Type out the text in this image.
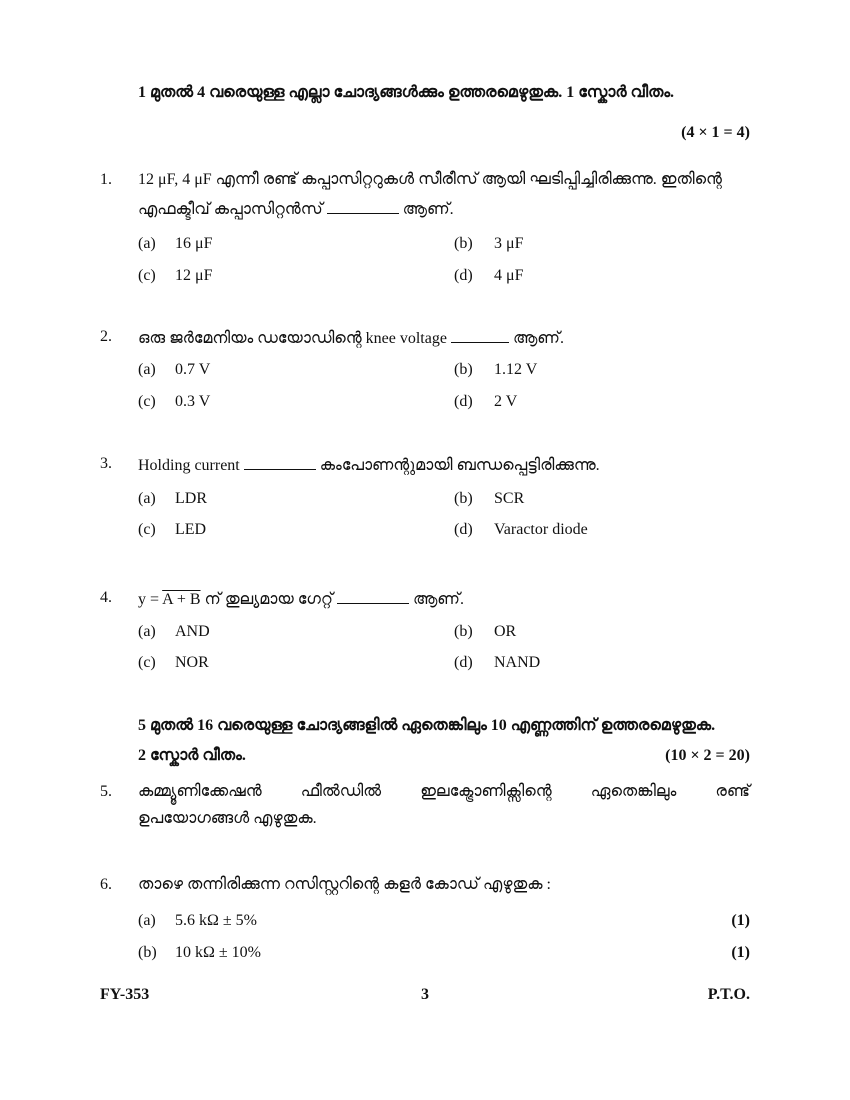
1 മുതൽ 4 വരെയുള്ള എല്ലാ ചോദ്യങ്ങൾക്കും ഉത്തരമെഴുതുക. 1 സ്കോർ വീതം.
(4 × 1 = 4)
1. 12 μF, 4 μF എന്നീ രണ്ട് കപ്പാസിറ്ററുകൾ സീരീസ് ആയി ഘടിപ്പിച്ചിരിക്കുന്നു. ഇതിന്റെ
എഫക്ടീവ് കപ്പാസിറ്റൻസ്	ആണ്.
(a) 16 μF	(b) 3 μF
(c) 12 μF	(d) 4 μF
2. ഒരു ജർമേനിയം ഡയോഡിന്റെ knee voltage	ആണ്.
(a) 0.7 V	(b) 1.12 V
(c) 0.3 V	(d) 2 V
3. Holding current	കംപോണന്റുമായി ബന്ധപ്പെട്ടിരിക്കുന്നു.
(a) LDR	(b) SCR
(c) LED	(d) Varactor diode
4. y = A + B ന് തുല്യമായ ഗേറ്റ്	ആണ്.
(a) AND	(b) OR
(c) NOR	(d) NAND
5 മുതൽ 16 വരെയുള്ള ചോദ്യങ്ങളിൽ ഏതെങ്കിലും 10 എണ്ണത്തിന് ഉത്തരമെഴുതുക.
2 സ്കോർ വീതം.	(10 × 2 = 20)
5. കമ്മ്യൂണിക്കേഷൻ ഫീൽഡിൽ ഇലക്ട്രോണിക്സിന്റെ ഏതെങ്കിലും രണ്ട്
ഉപയോഗങ്ങൾ എഴുതുക.
6. താഴെ തന്നിരിക്കുന്ന റസിസ്റ്ററിന്റെ കളർ കോഡ് എഴുതുക :
(a) 5.6 kΩ ± 5%	(1)
(b) 10 kΩ ± 10%	(1)
FY-353	3	P.T.O.
